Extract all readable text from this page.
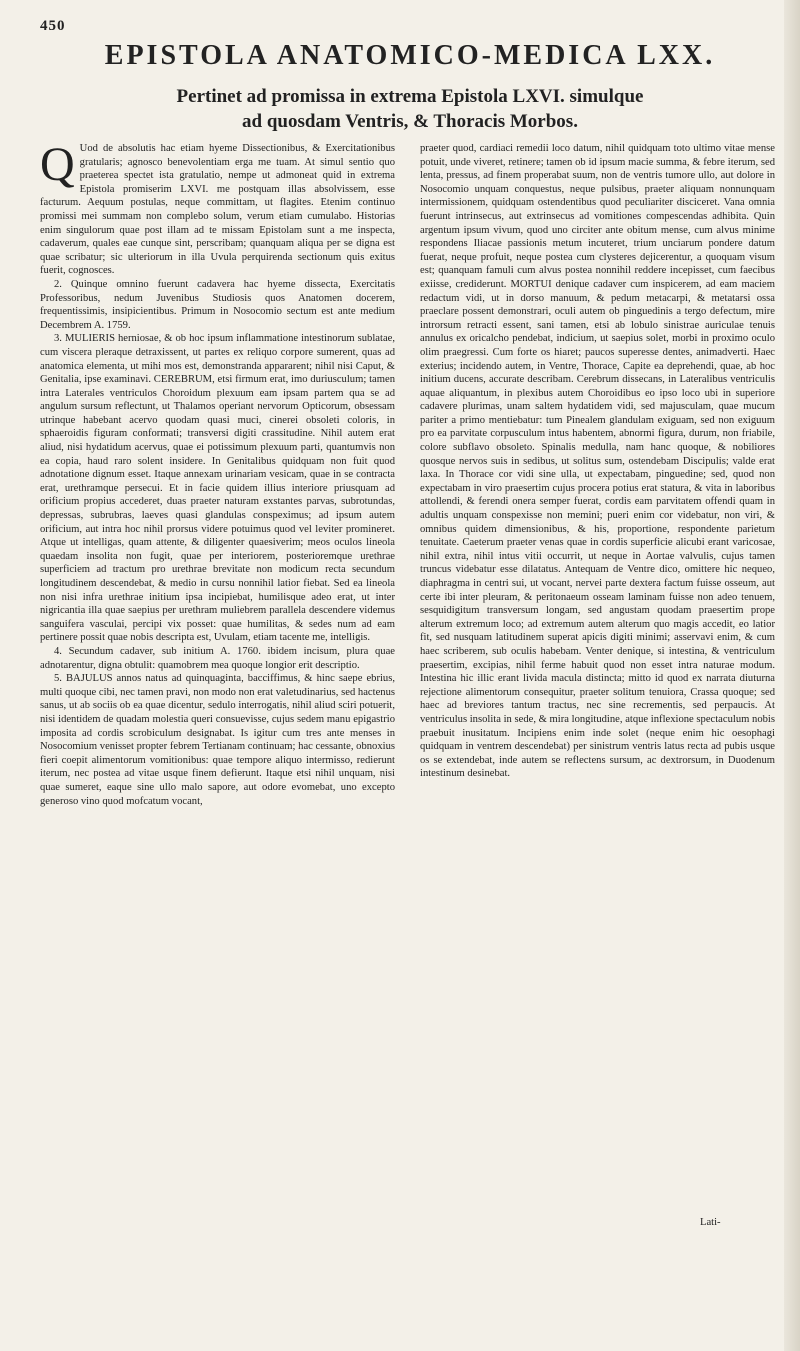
450
EPISTOLA ANATOMICO-MEDICA LXX.
Pertinet ad promissa in extrema Epistola LXVI. simulque
ad quosdam Ventris, & Thoracis Morbos.

Q Uod de absolutis hac etiam hyeme Dissectionibus, & Exercitationibus gratularis; agnosco benevolentiam erga me tuam. At simul sentio quo praeterea spectet ista gratulatio, nempe ut admoneat quid in extrema Epistola promiserim LXVI. me postquam illas absolvissem, esse facturum. Aequum postulas, neque committam, ut flagites. Etenim continuo promissi mei summam non complebo solum, verum etiam cumulabo. Historias enim singulorum quae post illam ad te missam Epistolam sunt a me inspecta, cadaverum, quales eae cunque sint, perscribam; quanquam aliqua per se digna est quae scribatur; sic ulteriorum in illa Uvula perquirenda sectionum quis exitus fuerit, cognosces.

2. Quinque omnino fuerunt cadavera hac hyeme dissecta, Exercitatis Professoribus, nedum Juvenibus Studiosis quos Anatomen docerem, frequentissimis, insipicientibus. Primum in Nosocomio sectum est ante medium Decembrem A. 1759.

3. MULIERIS herniosae, & ob hoc ipsum inflammatione intestinorum sublatae, cum viscera pleraque detraxissent, ut partes ex reliquo corpore sumerent, quas ad anatomica elementa, ut mihi mos est, demonstranda appararent; nihil nisi Caput, & Genitalia, ipse examinavi. CEREBRUM, etsi firmum erat, imo duriusculum; tamen intra Laterales ventriculos Choroidum plexuum eam ipsam partem qua se ad angulum sursum reflectunt, ut Thalamos operiant nervorum Opticorum, obsessam utrinque habebant acervo quodam quasi muci, cinerei obsoleti coloris, in sphaeroidis figuram conformati; transversi digiti crassitudine. Nihil autem erat aliud, nisi hydatidum acervus, quae ei potissimum plexuum parti, quantumvis non ea copia, haud raro solent insidere. In Genitalibus quidquam non fuit quod adnotatione dignum esset. Itaque annexam urinariam vesicam, quae in se contracta erat, urethramque persecui. Et in facie quidem illius interiore priusquam ad orificium propius accederet, duas praeter naturam exstantes parvas, subrotundas, depressas, subrubras, laeves quasi glandulas conspeximus; ad ipsum autem orificium, aut intra hoc nihil prorsus videre potuimus quod vel leviter promineret. Atque ut intelligas, quam attente, & diligenter quaesiverim; meos oculos lineola quaedam insolita non fugit, quae per interiorem, posterioremque urethrae superficiem ad tractum pro urethrae brevitate non modicum recta secundum longitudinem descendebat, & medio in cursu nonnihil latior fiebat. Sed ea lineola non nisi infra urethrae initium ipsa incipiebat, humilisque adeo erat, ut inter nigricantia illa quae saepius per urethram muliebrem parallela descendere videmus sanguifera vasculai, percipi vix posset: quae humilitas, & sedes num ad eam pertinere possit quae nobis descripta est, Uvulam, etiam tacente me, intelligis.

4. Secundum cadaver, sub initium A. 1760. ibidem incisum, plura quae adnotarentur, digna obtulit: quamobrem mea quoque longior erit descriptio.

5. BAJULUS annos natus ad quinquaginta, bacciffimus, & hinc saepe ebrius, multi quoque cibi, nec tamen pravi, non modo non erat valetudinarius, sed hactenus sanus, ut ab sociis ob ea quae dicentur, sedulo interrogatis, nihil aliud sciri potuerit, nisi identidem de quadam molestia queri consuevisse, cujus sedem manu epigastrio imposita ad cordis scrobiculum designabat. Is igitur cum tres ante menses in Nosocomium venisset propter febrem Tertianam continuam; hac cessante, obnoxius fieri coepit alimentorum vomitionibus: quae tempore aliquo intermisso, redierunt iterum, nec postea ad vitae usque finem defierunt. Itaque etsi nihil unquam, nisi quae sumeret, eaque sine ullo malo sapore, aut odore evomebat, uno excepto generoso vino quod mofcatum vocant,

praeter quod, cardiaci remedii loco datum, nihil quidquam toto ultimo vitae mense potuit, unde viveret, retinere; tamen ob id ipsum macie summa, & febre iterum, sed lenta, pressus, ad finem properabat suum, non de ventris tumore ullo, aut dolore in Nosocomio unquam conquestus, neque pulsibus, praeter aliquam nonnunquam intermissionem, quidquam ostendentibus quod peculiariter disciceret. Vana omnia fuerunt intrinsecus, aut extrinsecus ad vomitiones compescendas adhibita. Quin argentum ipsum vivum, quod uno circiter ante obitum mense, cum alvus minime respondens Iliacae passionis metum incuteret, trium unciarum pondere datum fuerat, neque profuit, neque postea cum clysteres dejicerentur, a quoquam visum est; quanquam famuli cum alvus postea nonnihil reddere incepisset, cum faecibus exiisse, crediderunt. MORTUI denique cadaver cum inspicerem, ad eam maciem redactum vidi, ut in dorso manuum, & pedum metacarpi, & metatarsi ossa praeclare possent demonstrari, oculi autem ob pinguedinis a tergo defectum, mire introrsum retracti essent, sani tamen, etsi ab lobulo sinistrae auriculae tenuis annulus ex oricalcho pendebat, indicium, ut saepius solet, morbi in proximo oculo olim praegressi. Cum forte os hiaret; paucos superesse dentes, animadverti. Haec exterius; incidendo autem, in Ventre, Thorace, Capite ea deprehendi, quae, ab hoc initium ducens, accurate describam. Cerebrum dissecans, in Lateralibus ventriculis aquae aliquantum, in plexibus autem Choroidibus eo ipso loco ubi in superiore cadavere plurimas, unam saltem hydatidem vidi, sed majusculam, quae mucum pariter a primo mentiebatur: tum Pinealem glandulam exiguam, sed non exiguum pro ea parvitate corpusculum intus habentem, abnormi figura, durum, non friabile, colore subflavo obsoleto. Spinalis medulla, nam hanc quoque, & nobiliores quosque nervos suis in sedibus, ut solitus sum, ostendebam Discipulis; valde erat laxa. In Thorace cor vidi sine ulla, ut expectabam, pinguedine; sed, quod non expectabam in viro praesertim cujus procera potius erat statura, & vita in laboribus attollendi, & ferendi onera semper fuerat, cordis eam parvitatem offendi quam in adultis unquam conspexisse non memini; pueri enim cor videbatur, non viri, & omnibus quidem dimensionibus, & his, proportione, respondente parietum tenuitate. Caeterum praeter venas quae in cordis superficie alicubi erant varicosae, nihil extra, nihil intus vitii occurrit, ut neque in Aortae valvulis, cujus tamen truncus videbatur esse dilatatus. Antequam de Ventre dico, omittere hic nequeo, diaphragma in centri sui, ut vocant, nervei parte dextera factum fuisse osseum, aut certe ibi inter pleuram, & peritonaeum osseam laminam fuisse non adeo tenuem, sesquidigitum transversum longam, sed angustam quodam praesertim prope alterum extremum loco; ad extremum autem alterum quo magis accedit, eo latior fit, sed nusquam latitudinem superat apicis digiti minimi; asservavi enim, & cum haec scriberem, sub oculis habebam. Venter denique, si intestina, & ventriculum praesertim, excipias, nihil ferme habuit quod non esset intra naturae modum. Intestina hic illic erant livida macula distincta; mitto id quod ex narrata diuturna rejectione alimentorum consequitur, praeter solitum tenuiora, Crassa quoque; sed haec ad breviores tantum tractus, nec sine recrementis, sed perpaucis. At ventriculus insolita in sede, & mira longitudine, atque inflexione spectaculum nobis praebuit inusitatum. Incipiens enim inde solet (neque enim hic oesophagi quidquam in ventrem descendebat) per sinistrum ventris latus recta ad pubis usque os se extendebat, inde autem se reflectens sursum, ac dextrorsum, in Duodenum intestinum desinebat.

Lati-
